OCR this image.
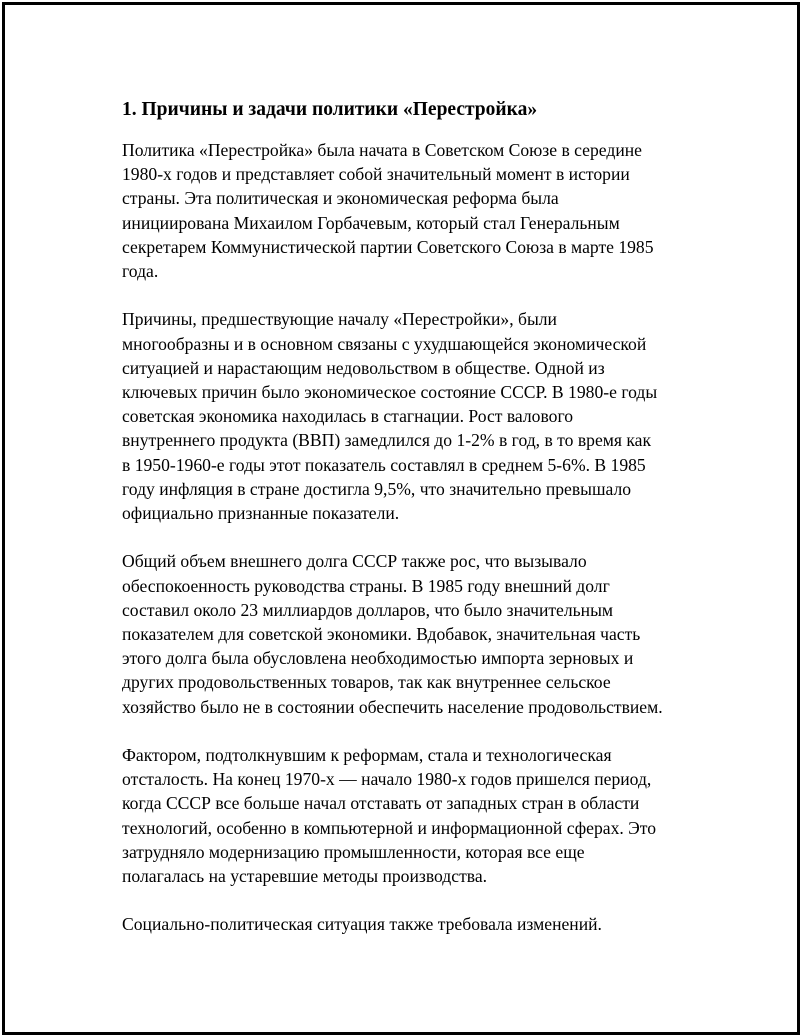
1. Причины и задачи политики «Перестройка»
Политика «Перестройка» была начата в Советском Союзе в середине
1980-х годов и представляет собой значительный момент в истории
страны. Эта политическая и экономическая реформа была
инициирована Михаилом Горбачевым, который стал Генеральным
секретарем Коммунистической партии Советского Союза в марте 1985
года.
Причины, предшествующие началу «Перестройки», были
многообразны и в основном связаны с ухудшающейся экономической
ситуацией и нарастающим недовольством в обществе. Одной из
ключевых причин было экономическое состояние СССР. В 1980-е годы
советская экономика находилась в стагнации. Рост валового
внутреннего продукта (ВВП) замедлился до 1-2% в год, в то время как
в 1950-1960-е годы этот показатель составлял в среднем 5-6%. В 1985
году инфляция в стране достигла 9,5%, что значительно превышало
официально признанные показатели.
Общий объем внешнего долга СССР также рос, что вызывало
обеспокоенность руководства страны. В 1985 году внешний долг
составил около 23 миллиардов долларов, что было значительным
показателем для советской экономики. Вдобавок, значительная часть
этого долга была обусловлена необходимостью импорта зерновых и
других продовольственных товаров, так как внутреннее сельское
хозяйство было не в состоянии обеспечить население продовольствием.
Фактором, подтолкнувшим к реформам, стала и технологическая
отсталость. На конец 1970-х — начало 1980-х годов пришелся период,
когда СССР все больше начал отставать от западных стран в области
технологий, особенно в компьютерной и информационной сферах. Это
затрудняло модернизацию промышленности, которая все еще
полагалась на устаревшие методы производства.
Социально-политическая ситуация также требовала изменений.
